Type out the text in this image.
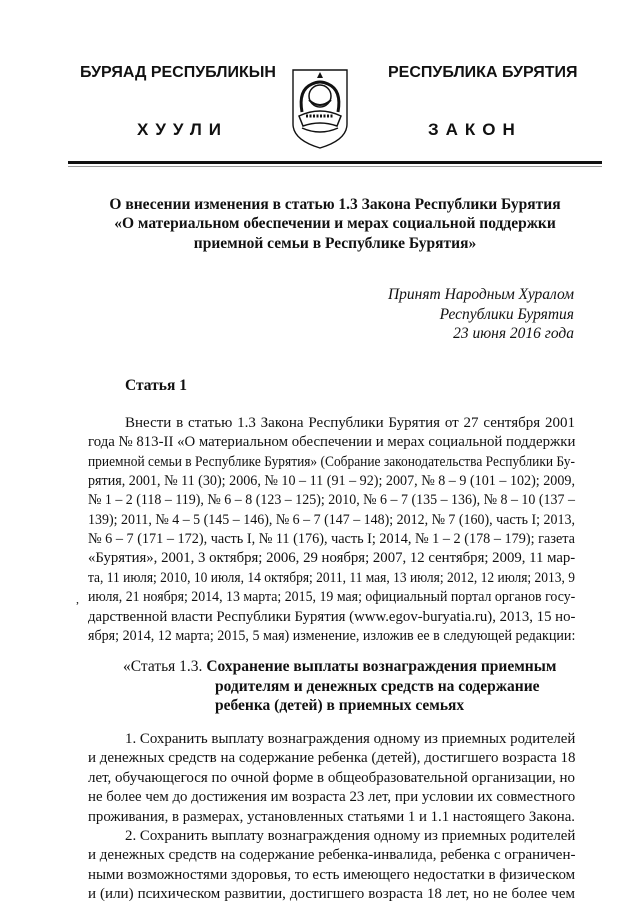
БУРЯАД РЕСПУБЛИКЫН
ХУУЛИ
РЕСПУБЛИКА БУРЯТИЯ
ЗАКОН
О внесении изменения в статью 1.3 Закона Республики Бурятия
«О материальном обеспечении и мерах социальной поддержки
приемной семьи в Республике Бурятия»
Принят Народным Хуралом
Республики Бурятия
23 июня 2016 года
Статья 1
Внести в статью 1.3 Закона Республики Бурятия от 27 сентября 2001
года № 813-II «О материальном обеспечении и мерах социальной поддержки
приемной семьи в Республике Бурятия» (Собрание законодательства Республики Бу-
рятия, 2001, № 11 (30); 2006, № 10 – 11 (91 – 92); 2007, № 8 – 9 (101 – 102); 2009,
№ 1 – 2 (118 – 119), № 6 – 8 (123 – 125); 2010, № 6 – 7 (135 – 136), № 8 – 10 (137 –
139); 2011, № 4 – 5 (145 – 146), № 6 – 7 (147 – 148); 2012, № 7 (160), часть I; 2013,
№ 6 – 7 (171 – 172), часть I, № 11 (176), часть I; 2014, № 1 – 2 (178 – 179); газета
«Бурятия», 2001, 3 октября; 2006, 29 ноября; 2007, 12 сентября; 2009, 11 мар-
та, 11 июля; 2010, 10 июля, 14 октября; 2011, 11 мая, 13 июля; 2012, 12 июля; 2013, 9
июля, 21 ноября; 2014, 13 марта; 2015, 19 мая; официальный портал органов госу-
дарственной власти Республики Бурятия (www.egov-buryatia.ru), 2013, 15 но-
ября; 2014, 12 марта; 2015, 5 мая) изменение, изложив ее в следующей редакции:
,
«Статья 1.3. Сохранение выплаты вознаграждения приемным
родителям и денежных средств на содержание
ребенка (детей) в приемных семьях
1. Сохранить выплату вознаграждения одному из приемных родителей
и денежных средств на содержание ребенка (детей), достигшего возраста 18
лет, обучающегося по очной форме в общеобразовательной организации, но
не более чем до достижения им возраста 23 лет, при условии их совместного
проживания, в размерах, установленных статьями 1 и 1.1 настоящего Закона.
2. Сохранить выплату вознаграждения одному из приемных родителей
и денежных средств на содержание ребенка-инвалида, ребенка с ограничен-
ными возможностями здоровья, то есть имеющего недостатки в физическом
и (или) психическом развитии, достигшего возраста 18 лет, но не более чем
